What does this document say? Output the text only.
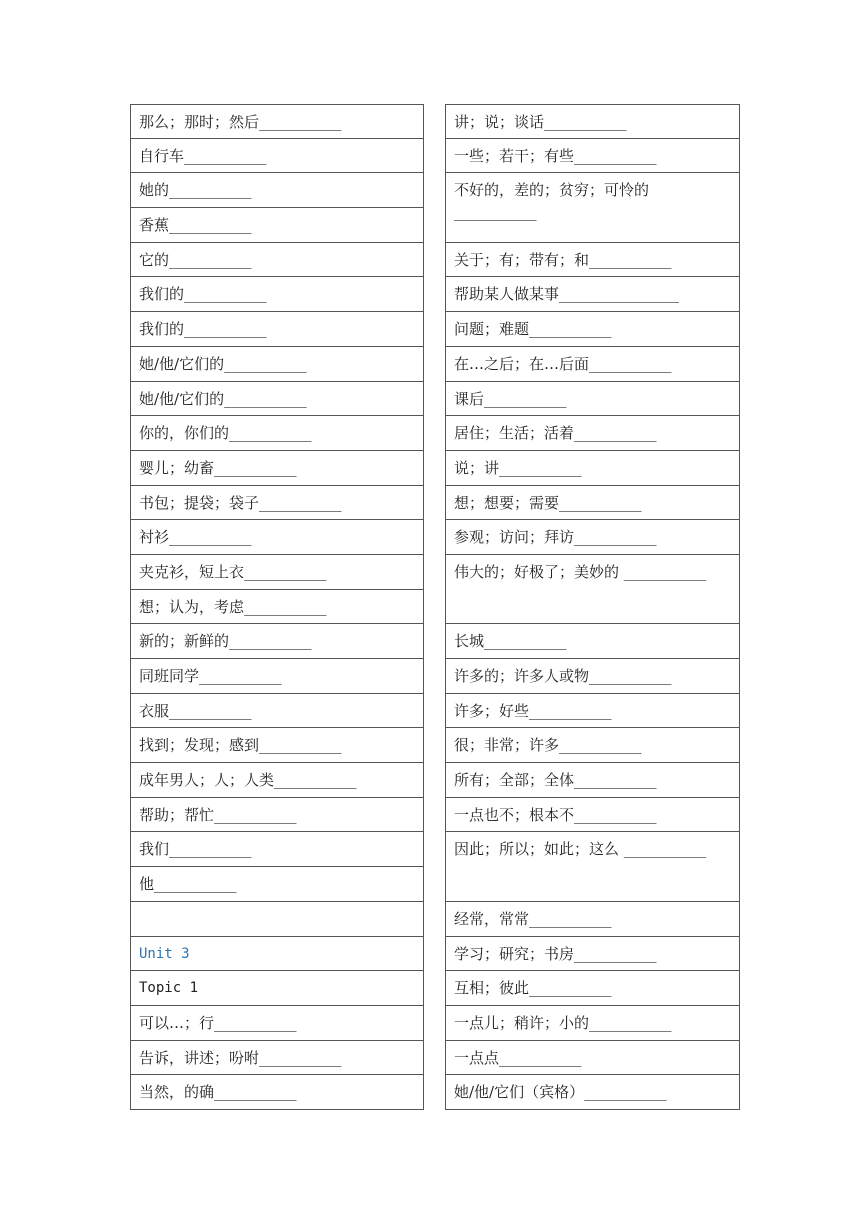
那么；那时；然后___________
自行车___________
她的___________
香蕉___________
它的___________
我们的___________
我们的___________
她/他/它们的___________
她/他/它们的___________
你的，你们的___________
婴儿；幼畜___________
书包；提袋；袋子___________
衬衫___________
夹克衫，短上衣___________
想；认为，考虑___________
新的；新鲜的___________
同班同学___________
衣服___________
找到；发现；感到___________
成年男人；人；人类___________
帮助；帮忙___________
我们___________
他___________
Unit 3
Topic 1
可以…；行___________
告诉，讲述；吩咐___________
当然，的确___________
讲；说；谈话___________
一些；若干；有些___________
不好的，差的；贫穷；可怜的 ___________
关于；有；带有；和___________
帮助某人做某事________________
问题；难题___________
在…之后；在…后面___________
课后___________
居住；生活；活着___________
说；讲___________
想；想要；需要___________
参观；访问；拜访___________
伟大的；好极了；美妙的 ___________
长城___________
许多的；许多人或物___________
许多；好些___________
很；非常；许多___________
所有；全部；全体___________
一点也不；根本不___________
因此；所以；如此；这么 ___________
经常，常常___________
学习；研究；书房___________
互相；彼此___________
一点儿；稍许；小的___________
一点点___________
她/他/它们（宾格）___________
